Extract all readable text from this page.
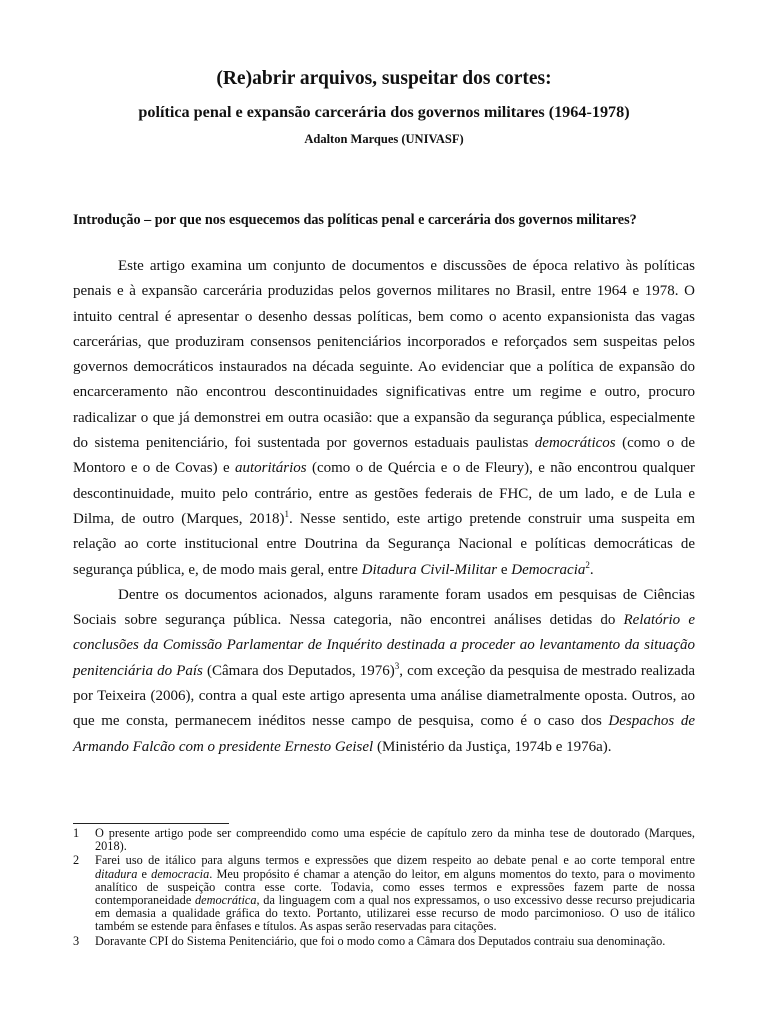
(Re)abrir arquivos, suspeitar dos cortes:
política penal e expansão carcerária dos governos militares (1964-1978)
Adalton Marques (UNIVASF)
Introdução – por que nos esquecemos das políticas penal e carcerária dos governos militares?

Este artigo examina um conjunto de documentos e discussões de época relativo às políticas penais e à expansão carcerária produzidas pelos governos militares no Brasil, entre 1964 e 1978. O intuito central é apresentar o desenho dessas políticas, bem como o acento expansionista das vagas carcerárias, que produziram consensos penitenciários incorporados e reforçados sem suspeitas pelos governos democráticos instaurados na década seguinte. Ao evidenciar que a política de expansão do encarceramento não encontrou descontinuidades significativas entre um regime e outro, procuro radicalizar o que já demonstrei em outra ocasião: que a expansão da segurança pública, especialmente do sistema penitenciário, foi sustentada por governos estaduais paulistas democráticos (como o de Montoro e o de Covas) e autoritários (como o de Quércia e o de Fleury), e não encontrou qualquer descontinuidade, muito pelo contrário, entre as gestões federais de FHC, de um lado, e de Lula e Dilma, de outro (Marques, 2018)$^1$. Nesse sentido, este artigo pretende construir uma suspeita em relação ao corte institucional entre Doutrina da Segurança Nacional e políticas democráticas de segurança pública, e, de modo mais geral, entre Ditadura Civil-Militar e Democracia$^2$.

Dentre os documentos acionados, alguns raramente foram usados em pesquisas de Ciências Sociais sobre segurança pública. Nessa categoria, não encontrei análises detidas do Relatório e conclusões da Comissão Parlamentar de Inquérito destinada a proceder ao levantamento da situação penitenciária do País (Câmara dos Deputados, 1976)$^3$, com exceção da pesquisa de mestrado realizada por Teixeira (2006), contra a qual este artigo apresenta uma análise diametralmente oposta. Outros, ao que me consta, permanecem inéditos nesse campo de pesquisa, como é o caso dos Despachos de Armando Falcão com o presidente Ernesto Geisel (Ministério da Justiça, 1974b e 1976a).

1	O presente artigo pode ser compreendido como uma espécie de capítulo zero da minha tese de doutorado (Marques, 2018).
2	Farei uso de itálico para alguns termos e expressões que dizem respeito ao debate penal e ao corte temporal entre ditadura e democracia. Meu propósito é chamar a atenção do leitor, em alguns momentos do texto, para o movimento analítico de suspeição contra esse corte. Todavia, como esses termos e expressões fazem parte de nossa contemporaneidade democrática, da linguagem com a qual nos expressamos, o uso excessivo desse recurso prejudicaria em demasia a qualidade gráfica do texto. Portanto, utilizarei esse recurso de modo parcimonioso. O uso de itálico também se estende para ênfases e títulos. As aspas serão reservadas para citações.
3	Doravante CPI do Sistema Penitenciário, que foi o modo como a Câmara dos Deputados contraiu sua denominação.
